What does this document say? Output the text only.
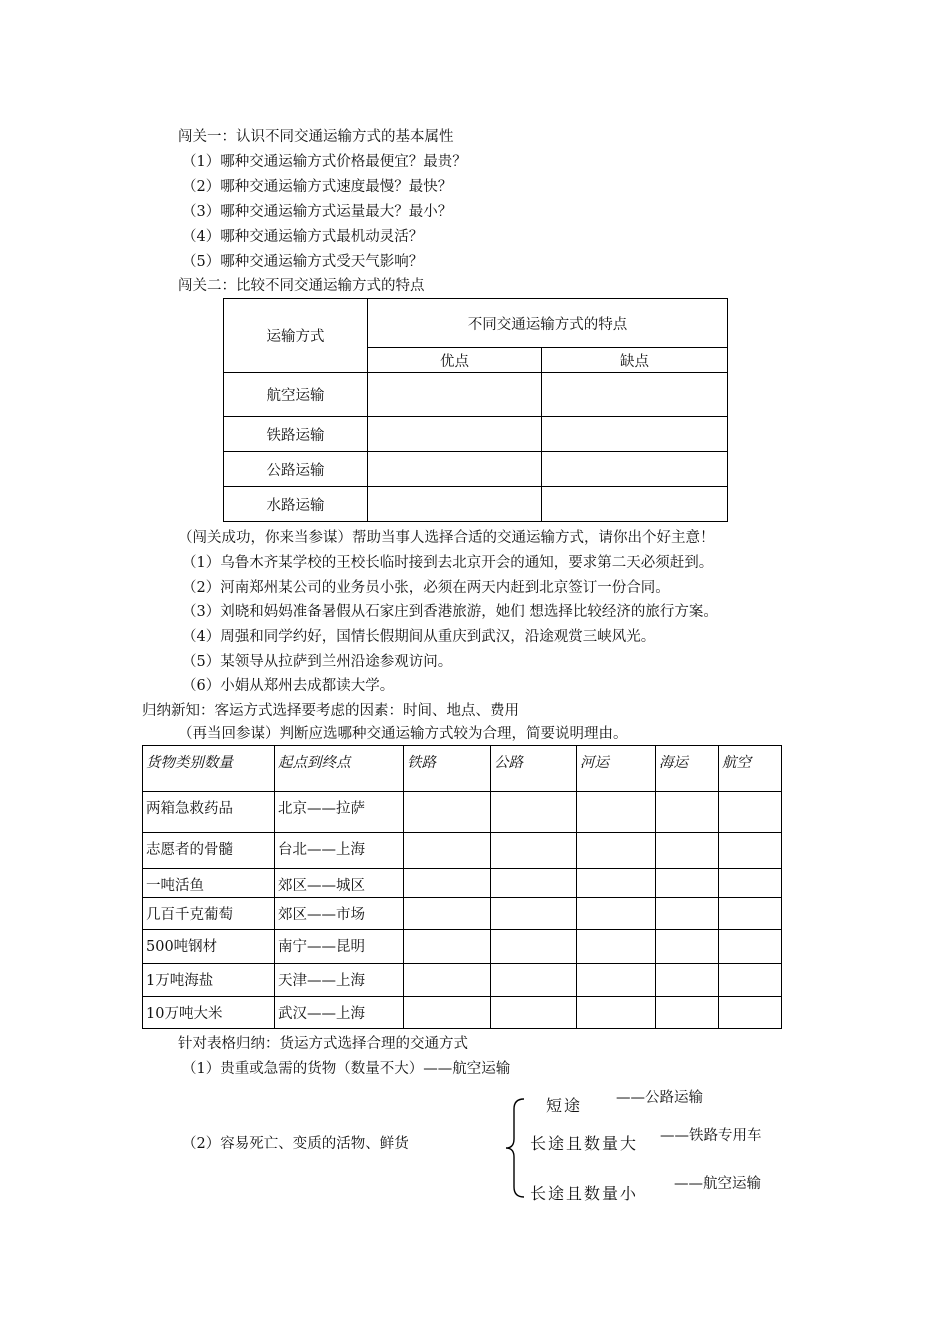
闯关一：认识不同交通运输方式的基本属性
（1）哪种交通运输方式价格最便宜？最贵？
（2）哪种交通运输方式速度最慢？最快？
（3）哪种交通运输方式运量最大？最小？
（4）哪种交通运输方式最机动灵活？
（5）哪种交通运输方式受天气影响？
闯关二：比较不同交通运输方式的特点
运输方式	不同交通运输方式的特点	
	优点	缺点
航空运输		
铁路运输		
公路运输		
水路运输		
（闯关成功，你来当参谋）帮助当事人选择合适的交通运输方式，请你出个好主意！
（1）乌鲁木齐某学校的王校长临时接到去北京开会的通知，要求第二天必须赶到。
（2）河南郑州某公司的业务员小张，必须在两天内赶到北京签订一份合同。
（3）刘晓和妈妈准备暑假从石家庄到香港旅游，她们 想选择比较经济的旅行方案。
（4）周强和同学约好，国情长假期间从重庆到武汉，沿途观赏三峡风光。
（5）某领导从拉萨到兰州沿途参观访问。
（6）小娟从郑州去成都读大学。
归纳新知：客运方式选择要考虑的因素：时间、地点、费用
（再当回参谋）判断应选哪种交通运输方式较为合理，简要说明理由。
货物类别数量	起点到终点	铁路	公路	河运	海运	航空
两箱急救药品	北京——拉萨					
志愿者的骨髓	台北——上海					
一吨活鱼	郊区——城区					
几百千克葡萄	郊区——市场					
500吨钢材	南宁——昆明					
1万吨海盐	天津——上海					
10万吨大米	武汉——上海					
针对表格归纳：货运方式选择合理的交通方式
（1）贵重或急需的货物（数量不大）——航空运输
（2）容易死亡、变质的活物、鲜货
短途 ——公路运输
长途且数量大 ——铁路专用车
长途且数量小 ——航空运输
